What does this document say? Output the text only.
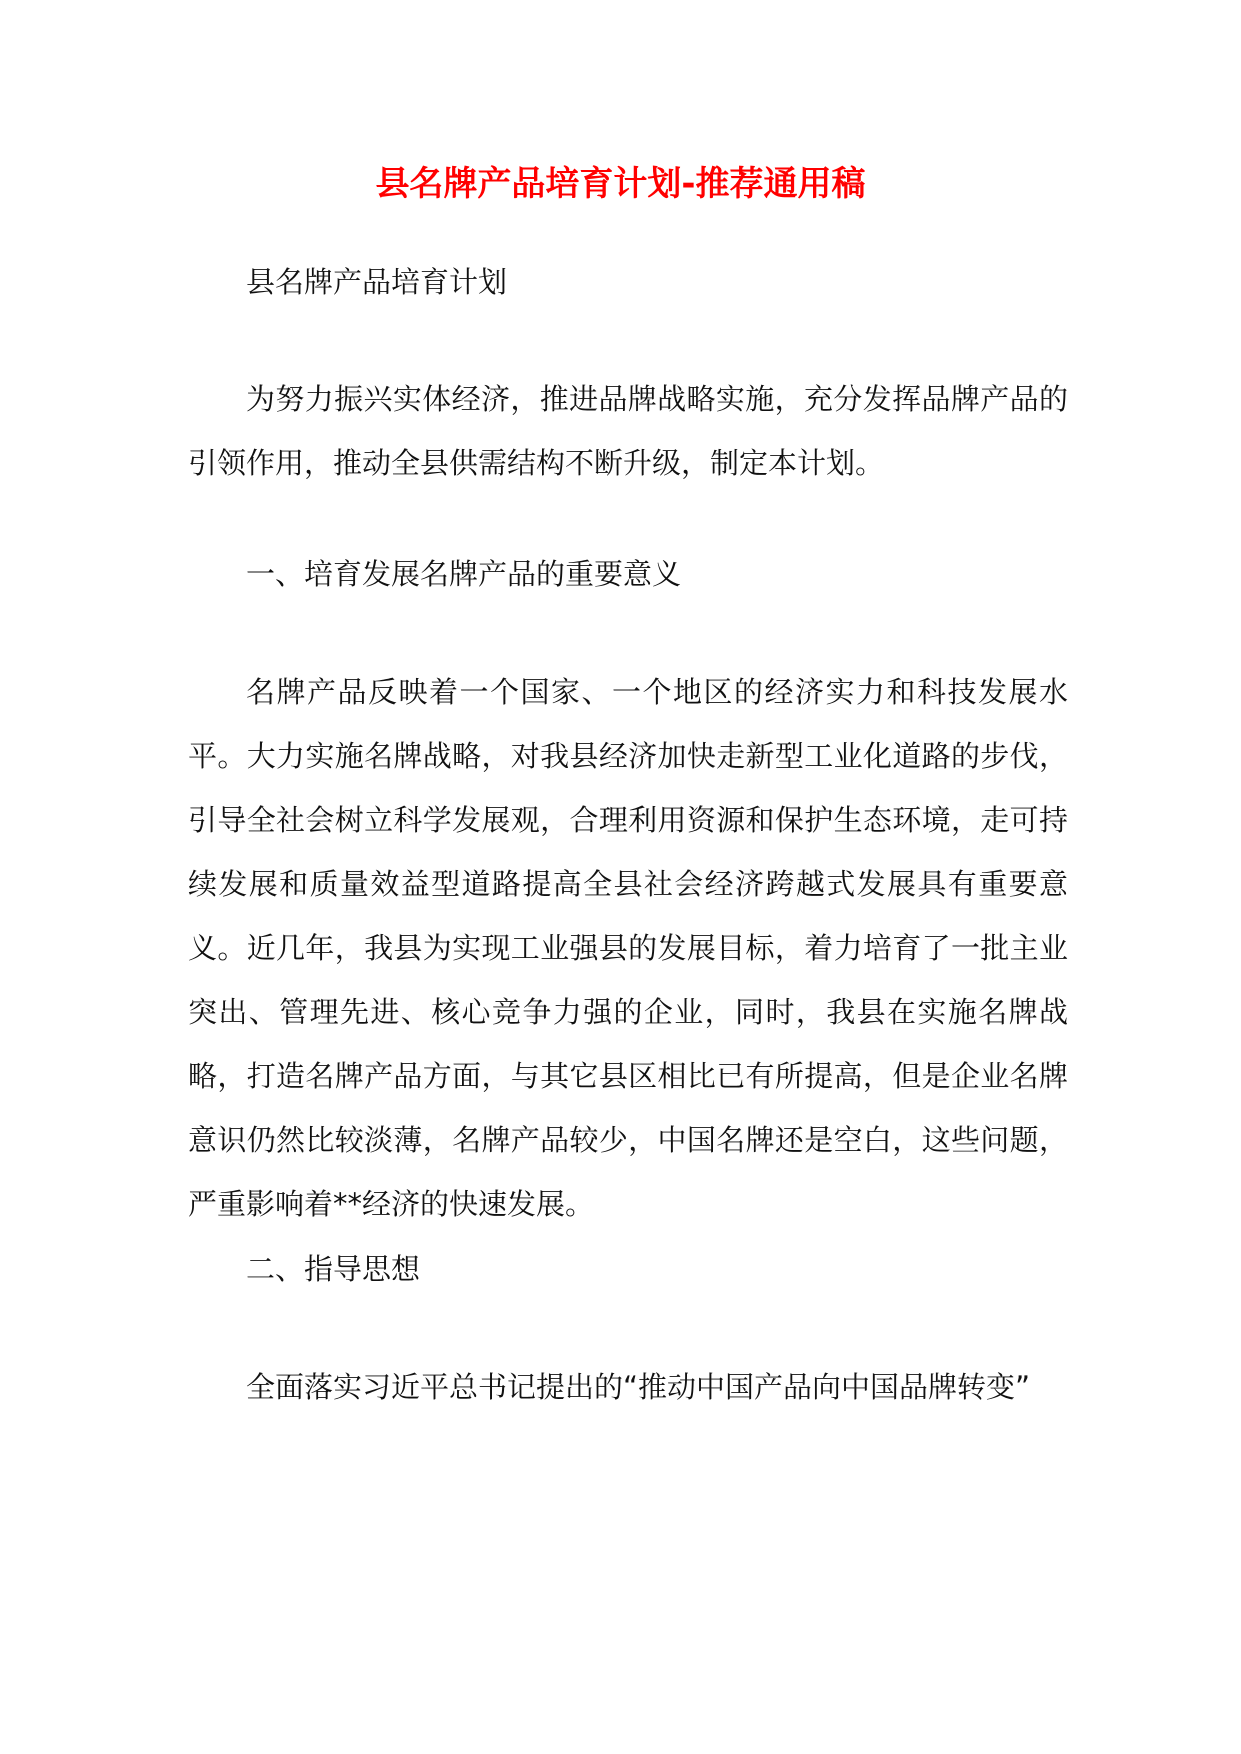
县名牌产品培育计划-推荐通用稿

县名牌产品培育计划

为努力振兴实体经济，推进品牌战略实施，充分发挥品牌产品的引领作用，推动全县供需结构不断升级，制定本计划。

一、培育发展名牌产品的重要意义

名牌产品反映着一个国家、一个地区的经济实力和科技发展水平。大力实施名牌战略，对我县经济加快走新型工业化道路的步伐，引导全社会树立科学发展观，合理利用资源和保护生态环境，走可持续发展和质量效益型道路提高全县社会经济跨越式发展具有重要意义。近几年，我县为实现工业强县的发展目标，着力培育了一批主业突出、管理先进、核心竞争力强的企业，同时，我县在实施名牌战略，打造名牌产品方面，与其它县区相比已有所提高，但是企业名牌意识仍然比较淡薄，名牌产品较少，中国名牌还是空白，这些问题，严重影响着**经济的快速发展。

二、指导思想

全面落实习近平总书记提出的“推动中国产品向中国品牌转变”
